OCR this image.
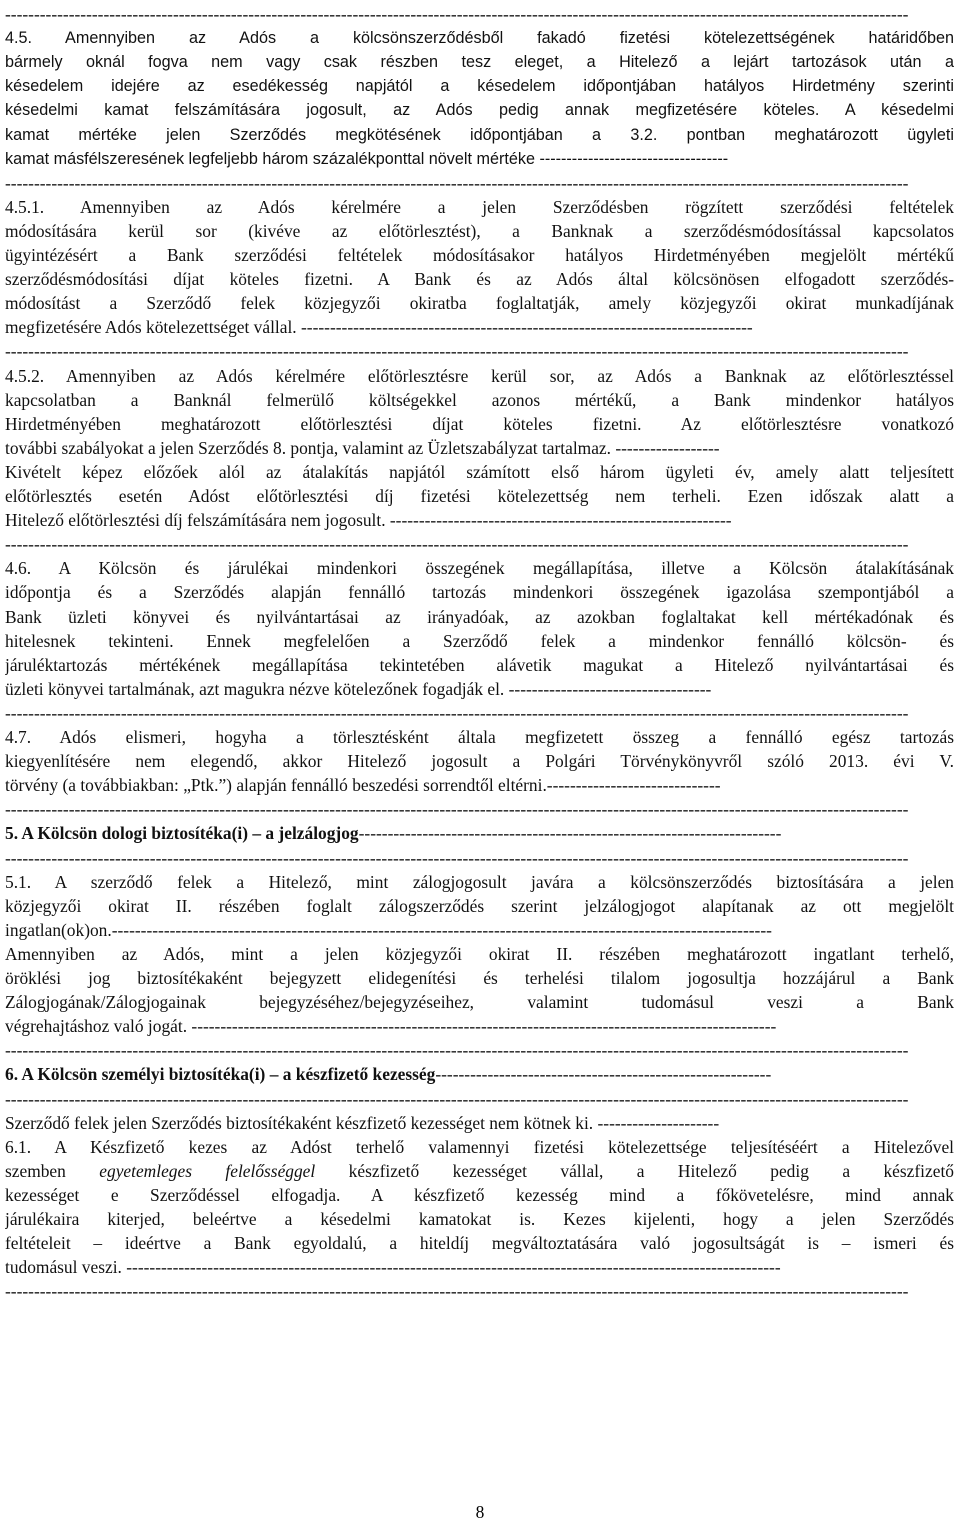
------------------------------------------------------------------------------------------------------------------------------------------------------------
4.5. Amennyiben az Adós a kölcsönszerződésből fakadó fizetési kötelezettségének határidőben
bármely oknál fogva nem vagy csak részben tesz eleget, a Hitelező a lejárt tartozások után a
késedelem idejére az esedékesség napjától a késedelem időpontjában hatályos Hirdetmény szerinti
késedelmi kamat felszámítására jogosult, az Adós pedig annak megfizetésére köteles. A késedelmi
kamat mértéke jelen Szerződés megkötésének időpontjában a 3.2. pontban meghatározott ügyleti
kamat másfélszeresének legfeljebb három százalékponttal növelt mértéke -----------------------------------
------------------------------------------------------------------------------------------------------------------------------------------------------------
4.5.1. Amennyiben az Adós kérelmére a jelen Szerződésben rögzített szerződési feltételek
módosítására kerül sor (kivéve az előtörlesztést), a Banknak a szerződésmódosítással kapcsolatos
ügyintézésért a Bank szerződési feltételek módosításakor hatályos Hirdetményében megjelölt mértékű
szerződésmódosítási díjat köteles fizetni. A Bank és az Adós által kölcsönösen elfogadott szerződés-
módosítást a Szerződő felek közjegyzői okiratba foglaltatják, amely közjegyzői okirat munkadíjának
megfizetésére Adós kötelezettséget vállal. ------------------------------------------------------------------------------
------------------------------------------------------------------------------------------------------------------------------------------------------------
4.5.2. Amennyiben az Adós kérelmére előtörlesztésre kerül sor, az Adós a Banknak az előtörlesztéssel
kapcsolatban a Banknál felmerülő költségekkel azonos mértékű, a Bank mindenkor hatályos
Hirdetményében meghatározott előtörlesztési díjat köteles fizetni. Az előtörlesztésre vonatkozó
további szabályokat a jelen Szerződés 8. pontja, valamint az Üzletszabályzat tartalmaz. ------------------
Kivételt képez előzőek alól az átalakítás napjától számított első három ügyleti év, amely alatt teljesített
előtörlesztés esetén Adóst előtörlesztési díj fizetési kötelezettség nem terheli. Ezen időszak alatt a
Hitelező előtörlesztési díj felszámítására nem jogosult. -----------------------------------------------------------
------------------------------------------------------------------------------------------------------------------------------------------------------------
4.6. A Kölcsön és járulékai mindenkori összegének megállapítása, illetve a Kölcsön átalakításának
időpontja és a Szerződés alapján fennálló tartozás mindenkori összegének igazolása szempontjából a
Bank üzleti könyvei és nyilvántartásai az irányadóak, az azokban foglaltakat kell mértékadónak és
hitelesnek tekinteni. Ennek megfelelően a Szerződő felek a mindenkor fennálló kölcsön- és
járuléktartozás mértékének megállapítása tekintetében alávetik magukat a Hitelező nyilvántartásai és
üzleti könyvei tartalmának, azt magukra nézve kötelezőnek fogadják el. -----------------------------------
------------------------------------------------------------------------------------------------------------------------------------------------------------
4.7. Adós elismeri, hogyha a törlesztésként általa megfizetett összeg a fennálló egész tartozás
kiegyenlítésére nem elegendő, akkor Hitelező jogosult a Polgári Törvénykönyvről szóló 2013. évi V.
törvény (a továbbiakban: „Ptk.”) alapján fennálló beszedési sorrendtől eltérni.------------------------------
------------------------------------------------------------------------------------------------------------------------------------------------------------
5. A Kölcsön dologi biztosítéka(i) – a jelzálogjog-------------------------------------------------------------------------
------------------------------------------------------------------------------------------------------------------------------------------------------------
5.1. A szerződő felek a Hitelező, mint zálogjogosult javára a kölcsönszerződés biztosítására a jelen
közjegyzői okirat II. részében foglalt zálogszerződés szerint jelzálogjogot alapítanak az ott megjelölt
ingatlan(ok)on.------------------------------------------------------------------------------------------------------------------
Amennyiben az Adós, mint a jelen közjegyzői okirat II. részében meghatározott ingatlant terhelő,
öröklési jog biztosítékaként bejegyzett elidegenítési és terhelési tilalom jogosultja hozzájárul a Bank
Zálogjogának/Zálogjogainak bejegyzéséhez/bejegyzéseihez, valamint tudomásul veszi a Bank
végrehajtáshoz való jogát. -----------------------------------------------------------------------------------------------------
------------------------------------------------------------------------------------------------------------------------------------------------------------
6. A Kölcsön személyi biztosítéka(i) – a készfizető kezesség----------------------------------------------------------
------------------------------------------------------------------------------------------------------------------------------------------------------------
Szerződő felek jelen Szerződés biztosítékaként készfizető kezességet nem kötnek ki. ---------------------
6.1. A Készfizető kezes az Adóst terhelő valamennyi fizetési kötelezettsége teljesítéséért a Hitelezővel
szemben egyetemleges felelősséggel készfizető kezességet vállal, a Hitelező pedig a készfizető
kezességet e Szerződéssel elfogadja. A készfizető kezesség mind a főkövetelésre, mind annak
járulékaira kiterjed, beleértve a késedelmi kamatokat is. Kezes kijelenti, hogy a jelen Szerződés
feltételeit – ideértve a Bank egyoldalú, a hiteldíj megváltoztatására való jogosultságát is – ismeri és
tudomásul veszi. -----------------------------------------------------------------------------------------------------------------
------------------------------------------------------------------------------------------------------------------------------------------------------------
8
